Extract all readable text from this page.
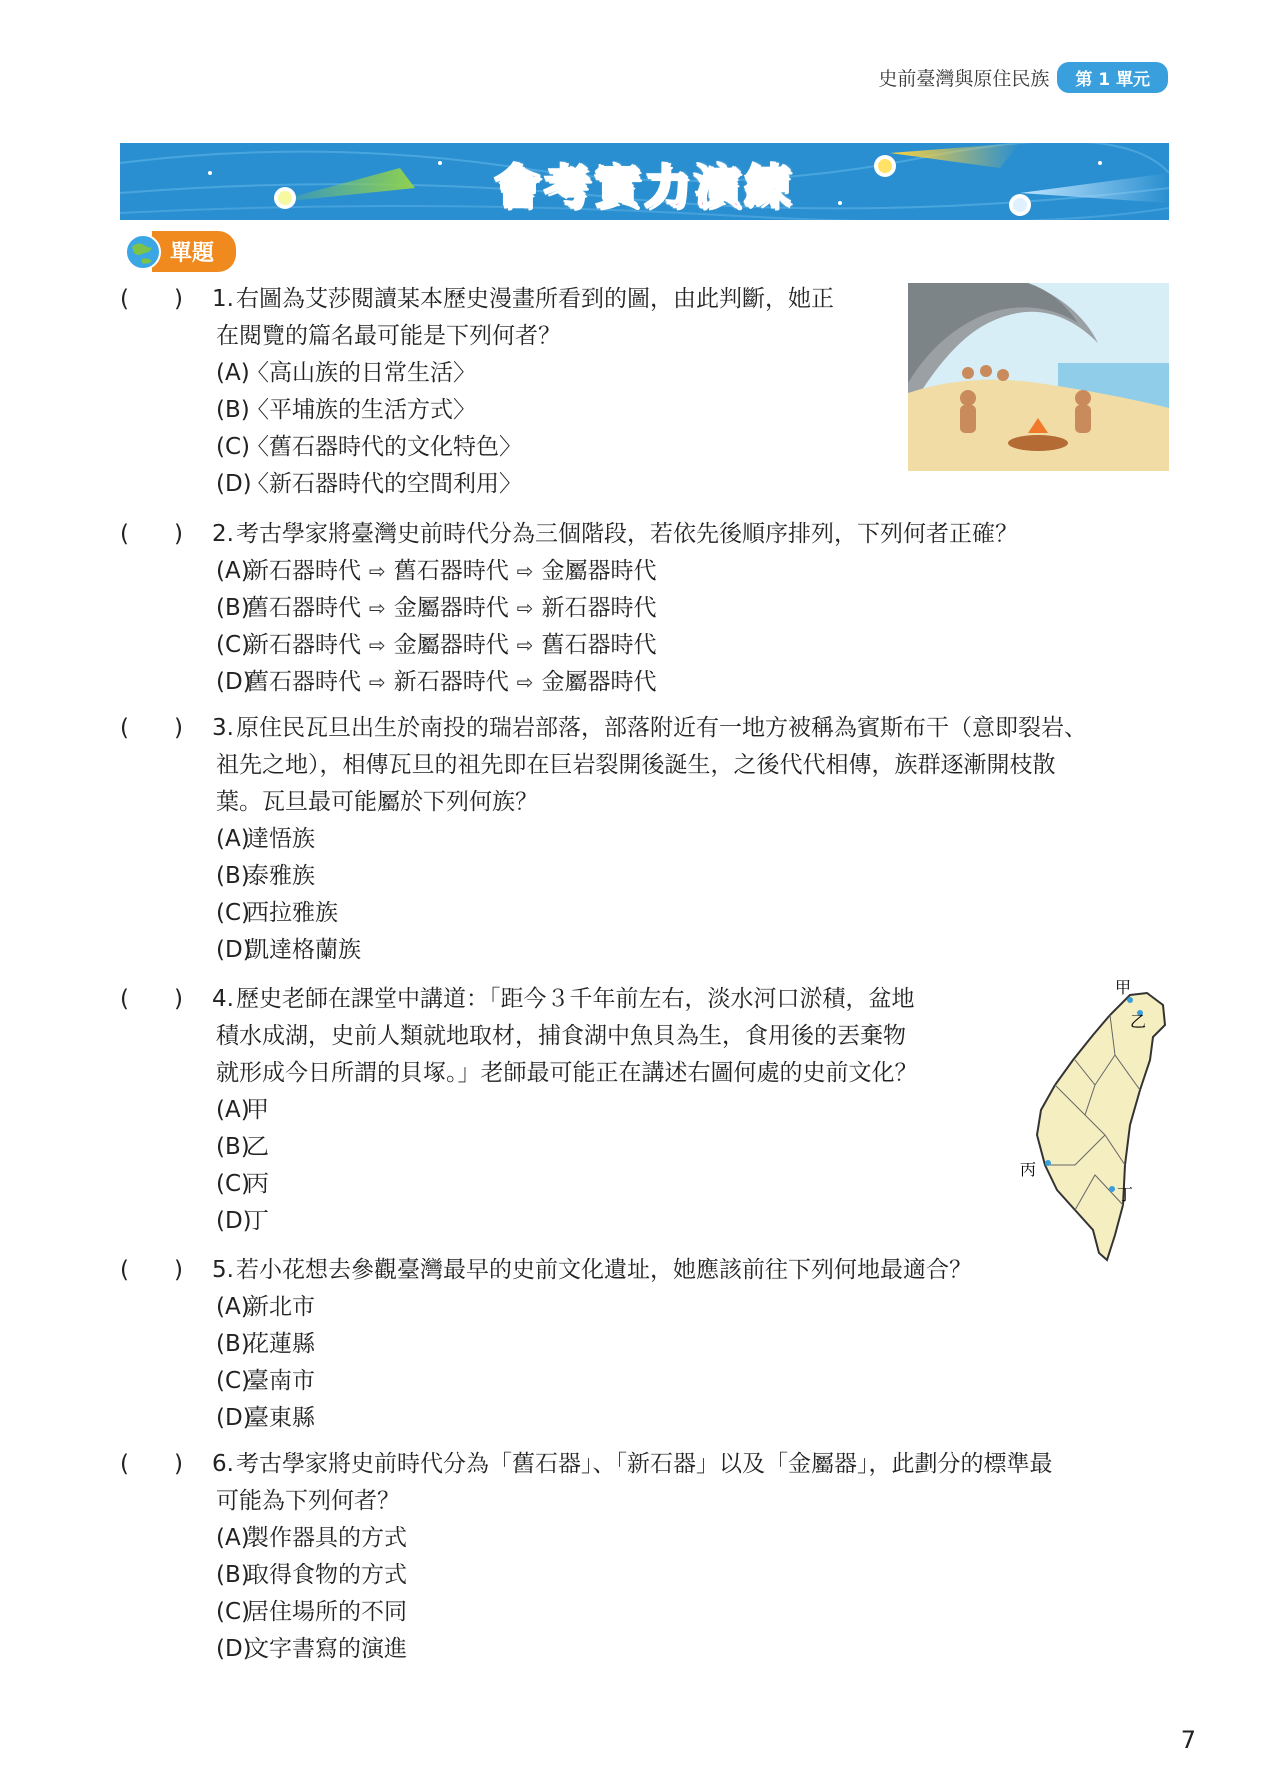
史前臺灣與原住民族	第 1 單元
會考實力演練
單題
( ) 1. 右圖為艾莎閱讀某本歷史漫畫所看到的圖，由此判斷，她正
在閱覽的篇名最可能是下列何者？
(A)〈高山族的日常生活〉
(B)〈平埔族的生活方式〉
(C)〈舊石器時代的文化特色〉
(D)〈新石器時代的空間利用〉
( ) 2. 考古學家將臺灣史前時代分為三個階段，若依先後順序排列，下列何者正確？
(A)新石器時代 ⇨ 舊石器時代 ⇨ 金屬器時代
(B)舊石器時代 ⇨ 金屬器時代 ⇨ 新石器時代
(C)新石器時代 ⇨ 金屬器時代 ⇨ 舊石器時代
(D)舊石器時代 ⇨ 新石器時代 ⇨ 金屬器時代
( ) 3. 原住民瓦旦出生於南投的瑞岩部落，部落附近有一地方被稱為賓斯布干（意即裂岩、
祖先之地），相傳瓦旦的祖先即在巨岩裂開後誕生，之後代代相傳，族群逐漸開枝散
葉。瓦旦最可能屬於下列何族？
(A)達悟族
(B)泰雅族
(C)西拉雅族
(D)凱達格蘭族
( ) 4. 歷史老師在課堂中講道：「距今３千年前左右，淡水河口淤積，盆地
積水成湖，史前人類就地取材，捕食湖中魚貝為生，食用後的丟棄物
就形成今日所謂的貝塚。」老師最可能正在講述右圖何處的史前文化？
(A)甲
(B)乙
(C)丙
(D)丁
甲
乙
丙
丁
( ) 5. 若小花想去參觀臺灣最早的史前文化遺址，她應該前往下列何地最適合？
(A)新北市
(B)花蓮縣
(C)臺南市
(D)臺東縣
( ) 6. 考古學家將史前時代分為「舊石器」、「新石器」以及「金屬器」，此劃分的標準最
可能為下列何者？
(A)製作器具的方式
(B)取得食物的方式
(C)居住場所的不同
(D)文字書寫的演進
7
